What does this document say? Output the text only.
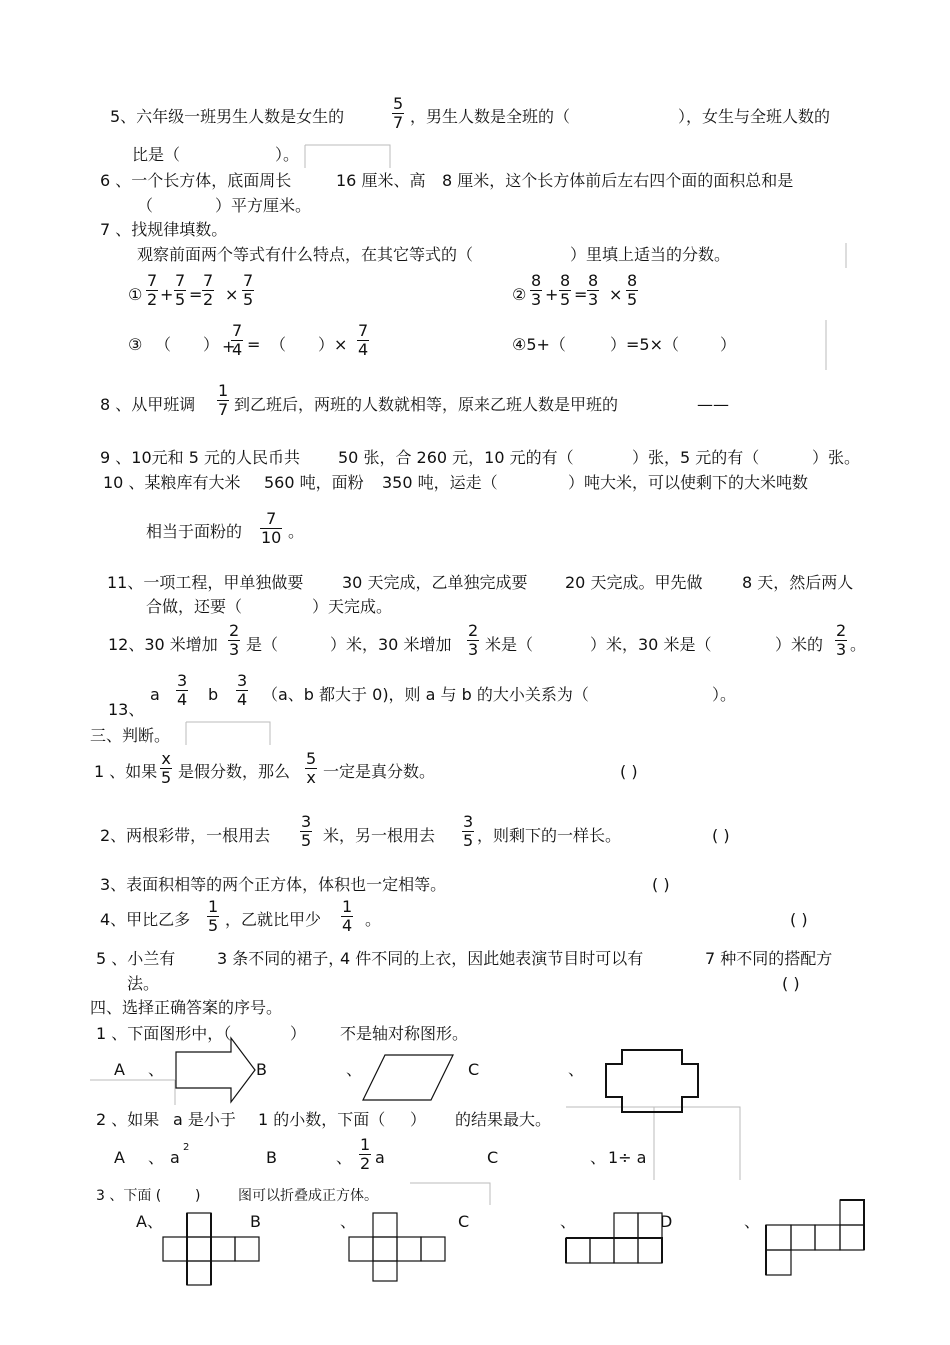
5、六年级一班男生人数是女生的
5
7 ，男生人数是全班的（	），女生与全班人数的
比是（	）。
6 、一个长方体，底面周长	16 厘米、高 8 厘米，这个长方体前后左右四个面的面积总和是
（	）平方厘米。
7 、找规律填数。
观察前面两个等式有什么特点，在其它等式的（	）里填上适当的分数。
①
7
2 +
7
5 =
7
2 ×
7
5	②
8
3 +
8
5 =
8
3 ×
8
5
③ （ ） +
7
4 = （ ）×
7
4	④5+（	）=5×（	）
8 、从甲班调
1
7 到乙班后，两班的人数就相等，原来乙班人数是甲班的	——
9 、10元和 5 元的人民币共 50 张，合 260 元，10 元的有（	）张，5 元的有（	）张。
10 、某粮库有大米 560 吨，面粉 350 吨，运走（	）吨大米，可以使剩下的大米吨数
相当于面粉的
7
10 。
11、一项工程，甲单独做要 30 天完成，乙单独完成要 20 天完成。甲先做 8 天，然后两人
合做，还要（	）天完成。
12、30 米增加
2
3 是（	）米，30 米增加
2
3 米是（	）米，30 米是（	）米的
2
3 。
13、
a
3
4 b
3
4 （a、b 都大于 0)，则 a 与 b 的大小关系为（	）。
三、判断。
1 、如果
x
5 是假分数，那么
5
x 一定是真分数。	( )
2、两根彩带，一根用去
3
5 米，另一根用去
3
5 ，则剩下的一样长。	( )
3、表面积相等的两个正方体，体积也一定相等。	( )
4、甲比乙多
1
5 ，乙就比甲少
1
4 。	( )
5 、小兰有	3 条不同的裙子，
4 件不同的上衣，因此她表演节目时可以有	7 种不同的搭配方
法。	( )
四、选择正确答案的序号。
1 、下面图形中，（	） 不是轴对称图形。
A 、	B	、	C	、
2 、如果 a 是小于 1 的小数，下面（ ） 的结果最大。
A 、 a
2
B	、
1
2 a	C	、 1÷ a
3 、下面 ( )	图可以折叠成正方体。
A、	B	、	C	、	D	、
